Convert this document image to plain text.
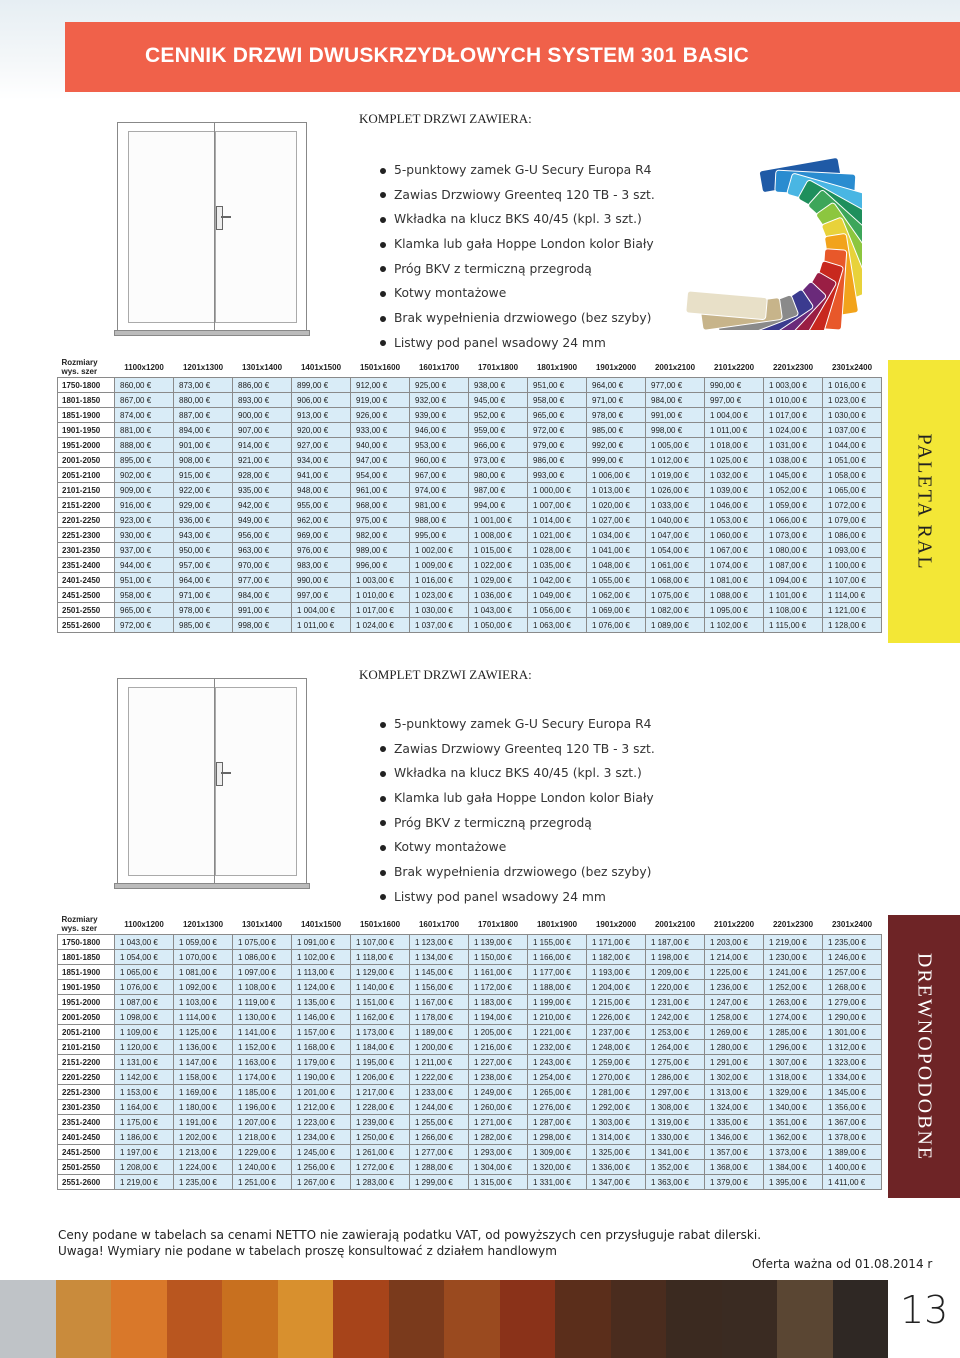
CENNIK DRZWI DWUSKRZYDŁOWYCH SYSTEM 301 BASIC
KOMPLET DRZWI ZAWIERA:
5-punktowy zamek G-U Secury Europa R4
Zawias Drzwiowy Greenteq 120 TB - 3 szt.
Wkładka na klucz BKS 40/45 (kpl. 3 szt.)
Klamka lub gała Hoppe London kolor Biały
Próg BKV z termiczną przegrodą
Kotwy montażowe
Brak wypełnienia drzwiowego (bez szyby)
Listwy pod panel wsadowy 24 mm
Rozmiary
wys. szer	1100x1200	1201x1300	1301x1400	1401x1500	1501x1600	1601x1700	1701x1800	1801x1900	1901x2000	2001x2100	2101x2200	2201x2300	2301x2400
1750-1800	860,00 €	873,00 €	886,00 €	899,00 €	912,00 €	925,00 €	938,00 €	951,00 €	964,00 €	977,00 €	990,00 €	1 003,00 €	1 016,00 €
1801-1850	867,00 €	880,00 €	893,00 €	906,00 €	919,00 €	932,00 €	945,00 €	958,00 €	971,00 €	984,00 €	997,00 €	1 010,00 €	1 023,00 €
1851-1900	874,00 €	887,00 €	900,00 €	913,00 €	926,00 €	939,00 €	952,00 €	965,00 €	978,00 €	991,00 €	1 004,00 €	1 017,00 €	1 030,00 €
1901-1950	881,00 €	894,00 €	907,00 €	920,00 €	933,00 €	946,00 €	959,00 €	972,00 €	985,00 €	998,00 €	1 011,00 €	1 024,00 €	1 037,00 €
1951-2000	888,00 €	901,00 €	914,00 €	927,00 €	940,00 €	953,00 €	966,00 €	979,00 €	992,00 €	1 005,00 €	1 018,00 €	1 031,00 €	1 044,00 €
2001-2050	895,00 €	908,00 €	921,00 €	934,00 €	947,00 €	960,00 €	973,00 €	986,00 €	999,00 €	1 012,00 €	1 025,00 €	1 038,00 €	1 051,00 €
2051-2100	902,00 €	915,00 €	928,00 €	941,00 €	954,00 €	967,00 €	980,00 €	993,00 €	1 006,00 €	1 019,00 €	1 032,00 €	1 045,00 €	1 058,00 €
2101-2150	909,00 €	922,00 €	935,00 €	948,00 €	961,00 €	974,00 €	987,00 €	1 000,00 €	1 013,00 €	1 026,00 €	1 039,00 €	1 052,00 €	1 065,00 €
2151-2200	916,00 €	929,00 €	942,00 €	955,00 €	968,00 €	981,00 €	994,00 €	1 007,00 €	1 020,00 €	1 033,00 €	1 046,00 €	1 059,00 €	1 072,00 €
2201-2250	923,00 €	936,00 €	949,00 €	962,00 €	975,00 €	988,00 €	1 001,00 €	1 014,00 €	1 027,00 €	1 040,00 €	1 053,00 €	1 066,00 €	1 079,00 €
2251-2300	930,00 €	943,00 €	956,00 €	969,00 €	982,00 €	995,00 €	1 008,00 €	1 021,00 €	1 034,00 €	1 047,00 €	1 060,00 €	1 073,00 €	1 086,00 €
2301-2350	937,00 €	950,00 €	963,00 €	976,00 €	989,00 €	1 002,00 €	1 015,00 €	1 028,00 €	1 041,00 €	1 054,00 €	1 067,00 €	1 080,00 €	1 093,00 €
2351-2400	944,00 €	957,00 €	970,00 €	983,00 €	996,00 €	1 009,00 €	1 022,00 €	1 035,00 €	1 048,00 €	1 061,00 €	1 074,00 €	1 087,00 €	1 100,00 €
2401-2450	951,00 €	964,00 €	977,00 €	990,00 €	1 003,00 €	1 016,00 €	1 029,00 €	1 042,00 €	1 055,00 €	1 068,00 €	1 081,00 €	1 094,00 €	1 107,00 €
2451-2500	958,00 €	971,00 €	984,00 €	997,00 €	1 010,00 €	1 023,00 €	1 036,00 €	1 049,00 €	1 062,00 €	1 075,00 €	1 088,00 €	1 101,00 €	1 114,00 €
2501-2550	965,00 €	978,00 €	991,00 €	1 004,00 €	1 017,00 €	1 030,00 €	1 043,00 €	1 056,00 €	1 069,00 €	1 082,00 €	1 095,00 €	1 108,00 €	1 121,00 €
2551-2600	972,00 €	985,00 €	998,00 €	1 011,00 €	1 024,00 €	1 037,00 €	1 050,00 €	1 063,00 €	1 076,00 €	1 089,00 €	1 102,00 €	1 115,00 €	1 128,00 €
PALETA RAL
KOMPLET DRZWI ZAWIERA:
5-punktowy zamek G-U Secury Europa R4
Zawias Drzwiowy Greenteq 120 TB - 3 szt.
Wkładka na klucz BKS 40/45 (kpl. 3 szt.)
Klamka lub gała Hoppe London kolor Biały
Próg BKV z termiczną przegrodą
Kotwy montażowe
Brak wypełnienia drzwiowego (bez szyby)
Listwy pod panel wsadowy 24 mm
Rozmiary
wys. szer	1100x1200	1201x1300	1301x1400	1401x1500	1501x1600	1601x1700	1701x1800	1801x1900	1901x2000	2001x2100	2101x2200	2201x2300	2301x2400
1750-1800	1 043,00 €	1 059,00 €	1 075,00 €	1 091,00 €	1 107,00 €	1 123,00 €	1 139,00 €	1 155,00 €	1 171,00 €	1 187,00 €	1 203,00 €	1 219,00 €	1 235,00 €
1801-1850	1 054,00 €	1 070,00 €	1 086,00 €	1 102,00 €	1 118,00 €	1 134,00 €	1 150,00 €	1 166,00 €	1 182,00 €	1 198,00 €	1 214,00 €	1 230,00 €	1 246,00 €
1851-1900	1 065,00 €	1 081,00 €	1 097,00 €	1 113,00 €	1 129,00 €	1 145,00 €	1 161,00 €	1 177,00 €	1 193,00 €	1 209,00 €	1 225,00 €	1 241,00 €	1 257,00 €
1901-1950	1 076,00 €	1 092,00 €	1 108,00 €	1 124,00 €	1 140,00 €	1 156,00 €	1 172,00 €	1 188,00 €	1 204,00 €	1 220,00 €	1 236,00 €	1 252,00 €	1 268,00 €
1951-2000	1 087,00 €	1 103,00 €	1 119,00 €	1 135,00 €	1 151,00 €	1 167,00 €	1 183,00 €	1 199,00 €	1 215,00 €	1 231,00 €	1 247,00 €	1 263,00 €	1 279,00 €
2001-2050	1 098,00 €	1 114,00 €	1 130,00 €	1 146,00 €	1 162,00 €	1 178,00 €	1 194,00 €	1 210,00 €	1 226,00 €	1 242,00 €	1 258,00 €	1 274,00 €	1 290,00 €
2051-2100	1 109,00 €	1 125,00 €	1 141,00 €	1 157,00 €	1 173,00 €	1 189,00 €	1 205,00 €	1 221,00 €	1 237,00 €	1 253,00 €	1 269,00 €	1 285,00 €	1 301,00 €
2101-2150	1 120,00 €	1 136,00 €	1 152,00 €	1 168,00 €	1 184,00 €	1 200,00 €	1 216,00 €	1 232,00 €	1 248,00 €	1 264,00 €	1 280,00 €	1 296,00 €	1 312,00 €
2151-2200	1 131,00 €	1 147,00 €	1 163,00 €	1 179,00 €	1 195,00 €	1 211,00 €	1 227,00 €	1 243,00 €	1 259,00 €	1 275,00 €	1 291,00 €	1 307,00 €	1 323,00 €
2201-2250	1 142,00 €	1 158,00 €	1 174,00 €	1 190,00 €	1 206,00 €	1 222,00 €	1 238,00 €	1 254,00 €	1 270,00 €	1 286,00 €	1 302,00 €	1 318,00 €	1 334,00 €
2251-2300	1 153,00 €	1 169,00 €	1 185,00 €	1 201,00 €	1 217,00 €	1 233,00 €	1 249,00 €	1 265,00 €	1 281,00 €	1 297,00 €	1 313,00 €	1 329,00 €	1 345,00 €
2301-2350	1 164,00 €	1 180,00 €	1 196,00 €	1 212,00 €	1 228,00 €	1 244,00 €	1 260,00 €	1 276,00 €	1 292,00 €	1 308,00 €	1 324,00 €	1 340,00 €	1 356,00 €
2351-2400	1 175,00 €	1 191,00 €	1 207,00 €	1 223,00 €	1 239,00 €	1 255,00 €	1 271,00 €	1 287,00 €	1 303,00 €	1 319,00 €	1 335,00 €	1 351,00 €	1 367,00 €
2401-2450	1 186,00 €	1 202,00 €	1 218,00 €	1 234,00 €	1 250,00 €	1 266,00 €	1 282,00 €	1 298,00 €	1 314,00 €	1 330,00 €	1 346,00 €	1 362,00 €	1 378,00 €
2451-2500	1 197,00 €	1 213,00 €	1 229,00 €	1 245,00 €	1 261,00 €	1 277,00 €	1 293,00 €	1 309,00 €	1 325,00 €	1 341,00 €	1 357,00 €	1 373,00 €	1 389,00 €
2501-2550	1 208,00 €	1 224,00 €	1 240,00 €	1 256,00 €	1 272,00 €	1 288,00 €	1 304,00 €	1 320,00 €	1 336,00 €	1 352,00 €	1 368,00 €	1 384,00 €	1 400,00 €
2551-2600	1 219,00 €	1 235,00 €	1 251,00 €	1 267,00 €	1 283,00 €	1 299,00 €	1 315,00 €	1 331,00 €	1 347,00 €	1 363,00 €	1 379,00 €	1 395,00 €	1 411,00 €
DREWNOPODOBNE
Ceny podane w tabelach sa cenami NETTO nie zawierają podatku VAT, od powyższych cen przysługuje rabat dilerski.
Uwaga! Wymiary nie podane w tabelach proszę konsultować z działem handlowym
Oferta ważna od 01.08.2014 r
13
